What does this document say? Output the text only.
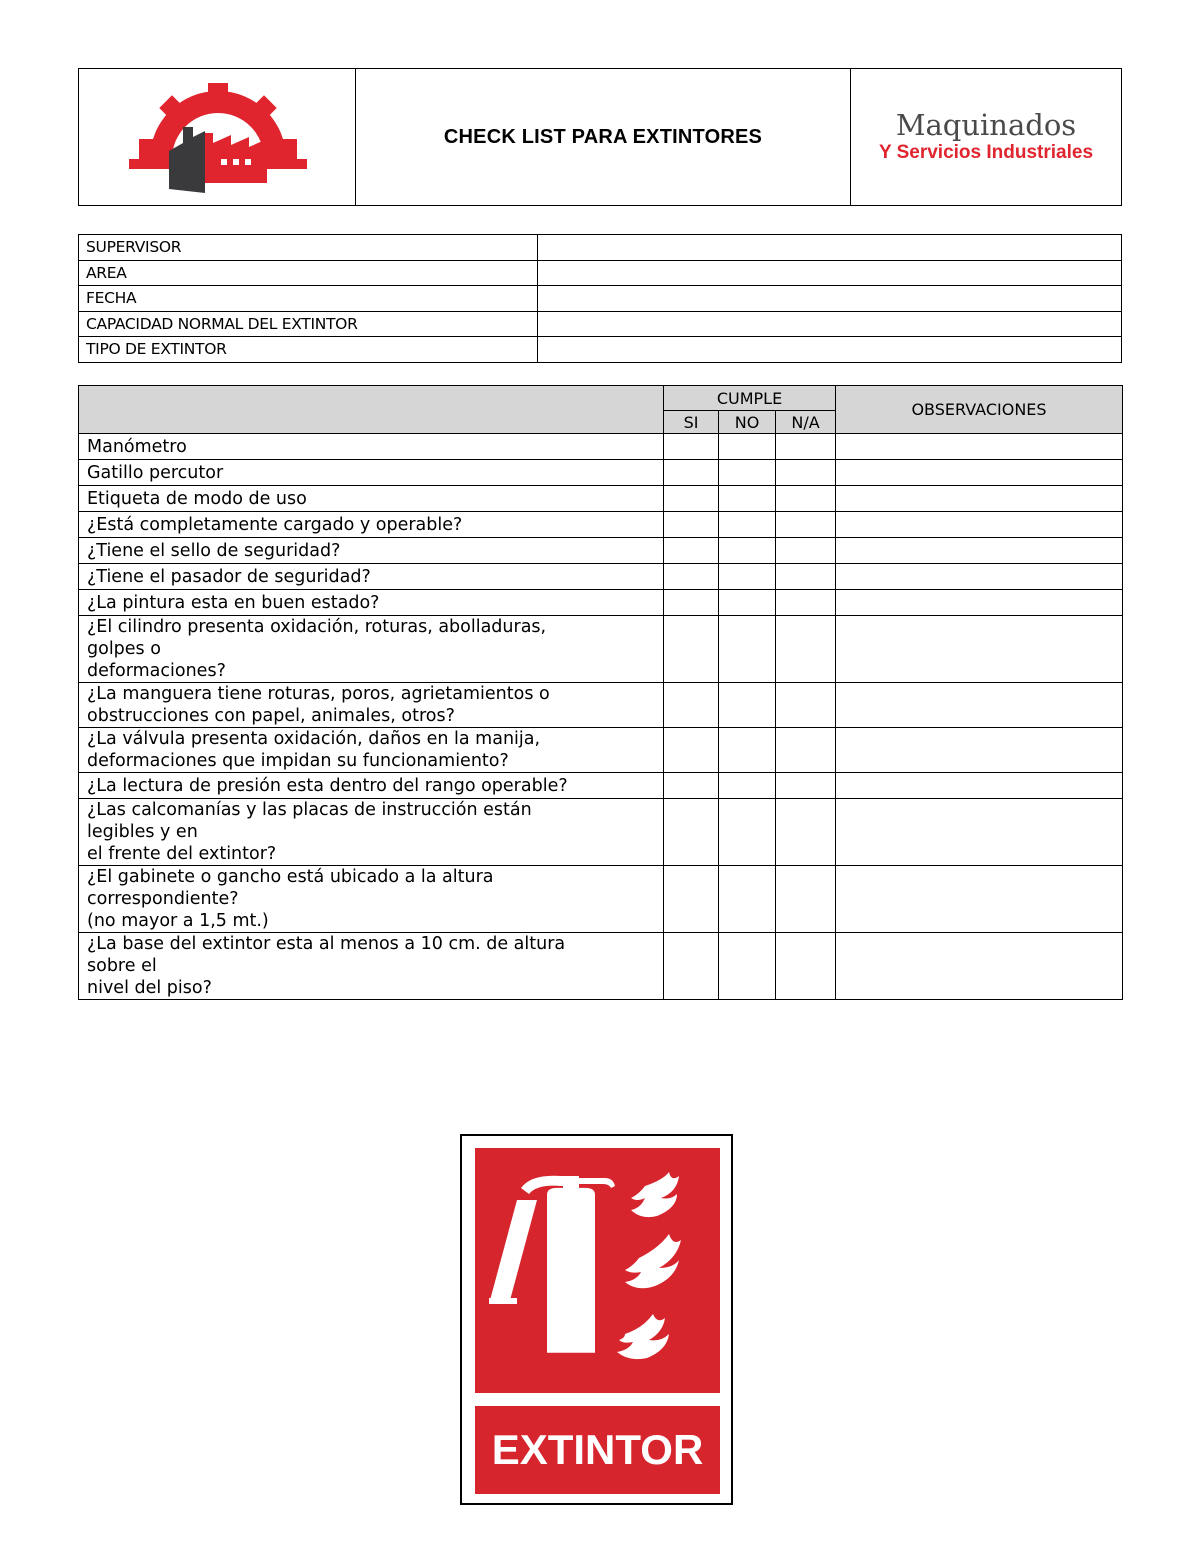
CHECK LIST PARA EXTINTORES	Maquinados
Y Servicios Industriales
SUPERVISOR	
AREA	
FECHA	
CAPACIDAD NORMAL DEL EXTINTOR	
TIPO DE EXTINTOR	
	CUMPLE			OBSERVACIONES
	SI	NO	N/A	

Manómetro				

Gatillo percutor				

Etiqueta de modo de uso				

¿Está completamente cargado y operable?				

¿Tiene el sello de seguridad?				

¿Tiene el pasador de seguridad?				

¿La pintura esta en buen estado?				

¿El cilindro presenta oxidación, roturas, abolladuras,
golpes o
deformaciones?				

¿La manguera tiene roturas, poros, agrietamientos o
obstrucciones con papel, animales, otros?				

¿La válvula presenta oxidación, daños en la manija,
deformaciones que impidan su funcionamiento?				

¿La lectura de presión esta dentro del rango operable?				

¿Las calcomanías y las placas de instrucción están
legibles y en
el frente del extintor?				

¿El gabinete o gancho está ubicado a la altura
correspondiente?
(no mayor a 1,5 mt.)				

¿La base del extintor esta al menos a 10 cm. de altura
sobre el
nivel del piso?				

EXTINTOR
